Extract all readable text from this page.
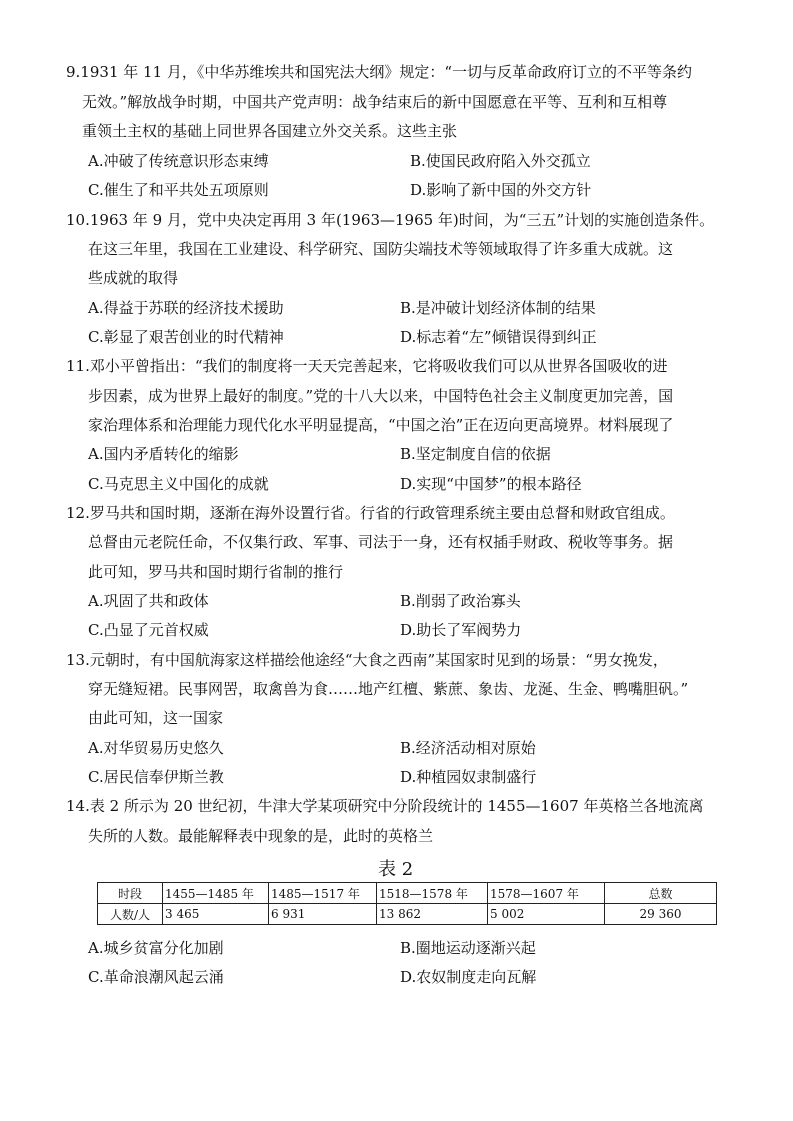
9.1931 年 11 月，《中华苏维埃共和国宪法大纲》规定：“一切与反革命政府订立的不平等条约
无效。”解放战争时期，中国共产党声明：战争结束后的新中国愿意在平等、互利和互相尊
重领土主权的基础上同世界各国建立外交关系。这些主张
A.冲破了传统意识形态束缚	B.使国民政府陷入外交孤立
C.催生了和平共处五项原则	D.影响了新中国的外交方针
10.1963 年 9 月，党中央决定再用 3 年(1963—1965 年)时间，为“三五”计划的实施创造条件。
在这三年里，我国在工业建设、科学研究、国防尖端技术等领域取得了许多重大成就。这
些成就的取得
A.得益于苏联的经济技术援助	B.是冲破计划经济体制的结果
C.彰显了艰苦创业的时代精神	D.标志着“左”倾错误得到纠正
11.邓小平曾指出：“我们的制度将一天天完善起来，它将吸收我们可以从世界各国吸收的进
步因素，成为世界上最好的制度。”党的十八大以来，中国特色社会主义制度更加完善，国
家治理体系和治理能力现代化水平明显提高，“中国之治”正在迈向更高境界。材料展现了
A.国内矛盾转化的缩影	B.坚定制度自信的依据
C.马克思主义中国化的成就	D.实现“中国梦”的根本路径
12.罗马共和国时期，逐渐在海外设置行省。行省的行政管理系统主要由总督和财政官组成。
总督由元老院任命，不仅集行政、军事、司法于一身，还有权插手财政、税收等事务。据
此可知，罗马共和国时期行省制的推行
A.巩固了共和政体	B.削弱了政治寡头
C.凸显了元首权威	D.助长了军阀势力
13.元朝时，有中国航海家这样描绘他途经“大食之西南”某国家时见到的场景：“男女挽发，
穿无缝短裙。民事网罟，取禽兽为食……地产红檀、紫蔗、象齿、龙涎、生金、鸭嘴胆矾。”
由此可知，这一国家
A.对华贸易历史悠久	B.经济活动相对原始
C.居民信奉伊斯兰教	D.种植园奴隶制盛行
14.表 2 所示为 20 世纪初，牛津大学某项研究中分阶段统计的 1455—1607 年英格兰各地流离
失所的人数。最能解释表中现象的是，此时的英格兰
表 2
时段	1455—1485 年	1485—1517 年	1518—1578 年	1578—1607 年	总数
人数/人	3 465	6 931	13 862	5 002	29 360
A.城乡贫富分化加剧	B.圈地运动逐渐兴起
C.革命浪潮风起云涌	D.农奴制度走向瓦解
